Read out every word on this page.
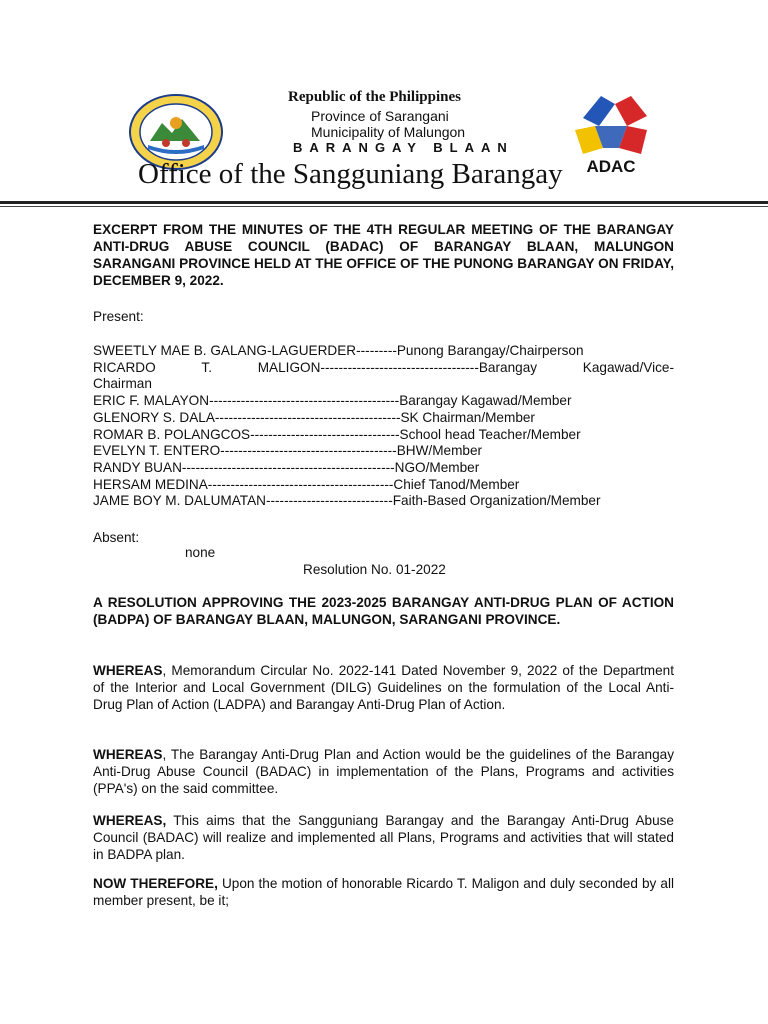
Republic of the Philippines
Province of Sarangani
Municipality of Malungon
BARANGAY BLAAN
ADAC
Office of the Sangguniang Barangay
EXCERPT FROM THE MINUTES OF THE 4TH REGULAR MEETING OF THE BARANGAY ANTI-DRUG ABUSE COUNCIL (BADAC) OF BARANGAY BLAAN, MALUNGON SARANGANI PROVINCE HELD AT THE OFFICE OF THE PUNONG BARANGAY ON FRIDAY, DECEMBER 9, 2022.
Present:
SWEETLY MAE B. GALANG-LAGUERDER---------Punong Barangay/Chairperson
RICARDO	T.	MALIGON-----------------------------------Barangay	Kagawad/Vice-
Chairman
ERIC F. MALAYON------------------------------------------Barangay Kagawad/Member
GLENORY S. DALA-----------------------------------------SK Chairman/Member
ROMAR B. POLANGCOS---------------------------------School head Teacher/Member
EVELYN T. ENTERO---------------------------------------BHW/Member
RANDY BUAN-----------------------------------------------NGO/Member
HERSAM MEDINA-----------------------------------------Chief Tanod/Member
JAME BOY M. DALUMATAN----------------------------Faith-Based Organization/Member
Absent:
none
Resolution No. 01-2022
A RESOLUTION APPROVING THE 2023-2025 BARANGAY ANTI-DRUG PLAN OF ACTION (BADPA) OF BARANGAY BLAAN, MALUNGON, SARANGANI PROVINCE.
WHEREAS, Memorandum Circular No. 2022-141 Dated November 9, 2022 of the Department of the Interior and Local Government (DILG) Guidelines on the formulation of the Local Anti-Drug Plan of Action (LADPA) and Barangay Anti-Drug Plan of Action.
WHEREAS, The Barangay Anti-Drug Plan and Action would be the guidelines of the Barangay Anti-Drug Abuse Council (BADAC) in implementation of the Plans, Programs and activities (PPA's) on the said committee.
WHEREAS, This aims that the Sangguniang Barangay and the Barangay Anti-Drug Abuse Council (BADAC) will realize and implemented all Plans, Programs and activities that will stated in BADPA plan.
NOW THEREFORE, Upon the motion of honorable Ricardo T. Maligon and duly seconded by all member present, be it;
